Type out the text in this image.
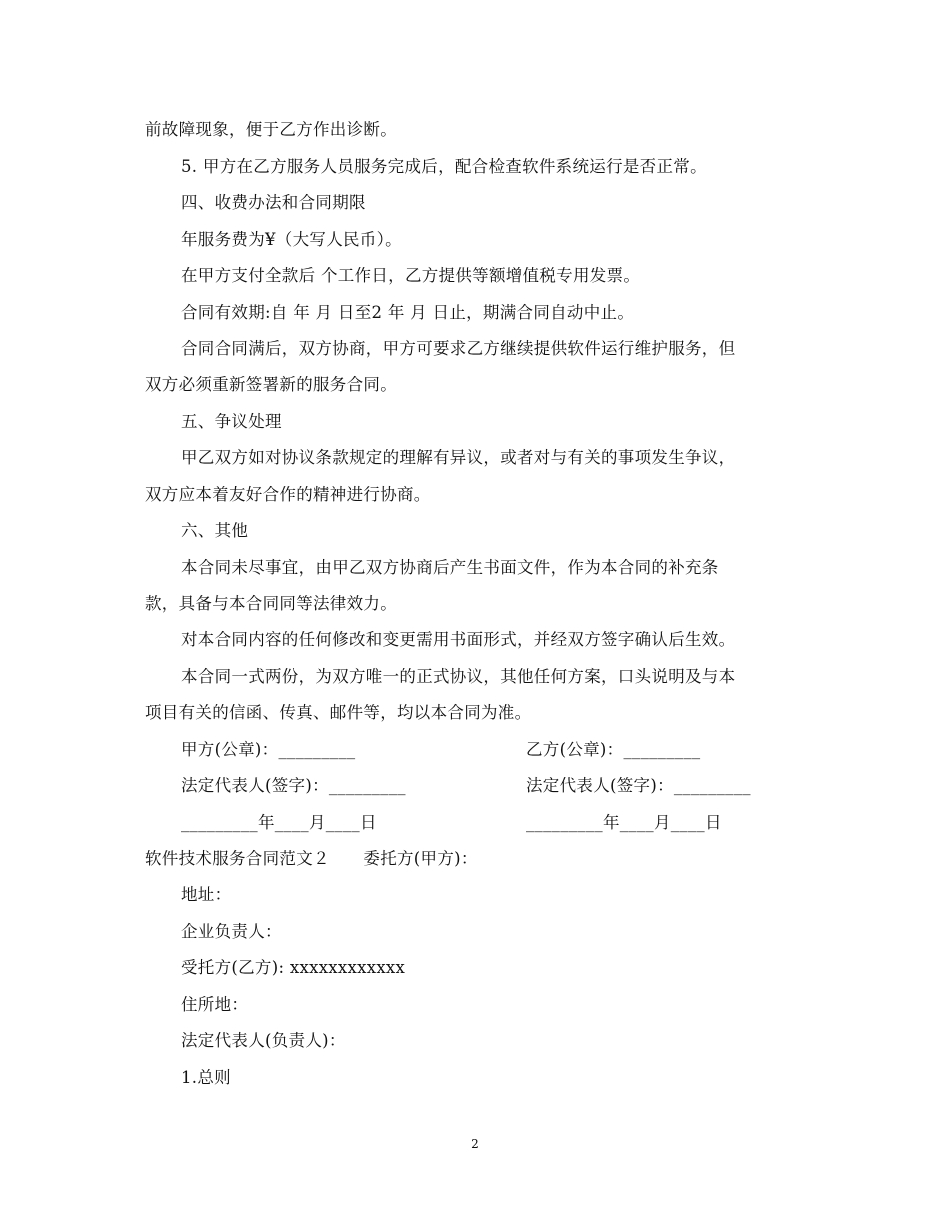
前故障现象，便于乙方作出诊断。
5. 甲方在乙方服务人员服务完成后，配合检查软件系统运行是否正常。
四、收费办法和合同期限
年服务费为¥（大写人民币）。
在甲方支付全款后 个工作日，乙方提供等额增值税专用发票。
合同有效期:自 年 月 日至2 年 月 日止，期满合同自动中止。
合同合同满后，双方协商，甲方可要求乙方继续提供软件运行维护服务，但
双方必须重新签署新的服务合同。
五、争议处理
甲乙双方如对协议条款规定的理解有异议，或者对与有关的事项发生争议，
双方应本着友好合作的精神进行协商。
六、其他
本合同未尽事宜，由甲乙双方协商后产生书面文件，作为本合同的补充条
款，具备与本合同同等法律效力。
对本合同内容的任何修改和变更需用书面形式，并经双方签字确认后生效。
本合同一式两份，为双方唯一的正式协议，其他任何方案，口头说明及与本
项目有关的信函、传真、邮件等，均以本合同为准。
甲方(公章)：_________	乙方(公章)：_________
法定代表人(签字)：_________	法定代表人(签字)：_________
_________年____月____日	_________年____月____日
软件技术服务合同范文２　　委托方(甲方)：
地址：
企业负责人：
受托方(乙方): xxxxxxxxxxxx
住所地：
法定代表人(负责人)：
1.总则
2
